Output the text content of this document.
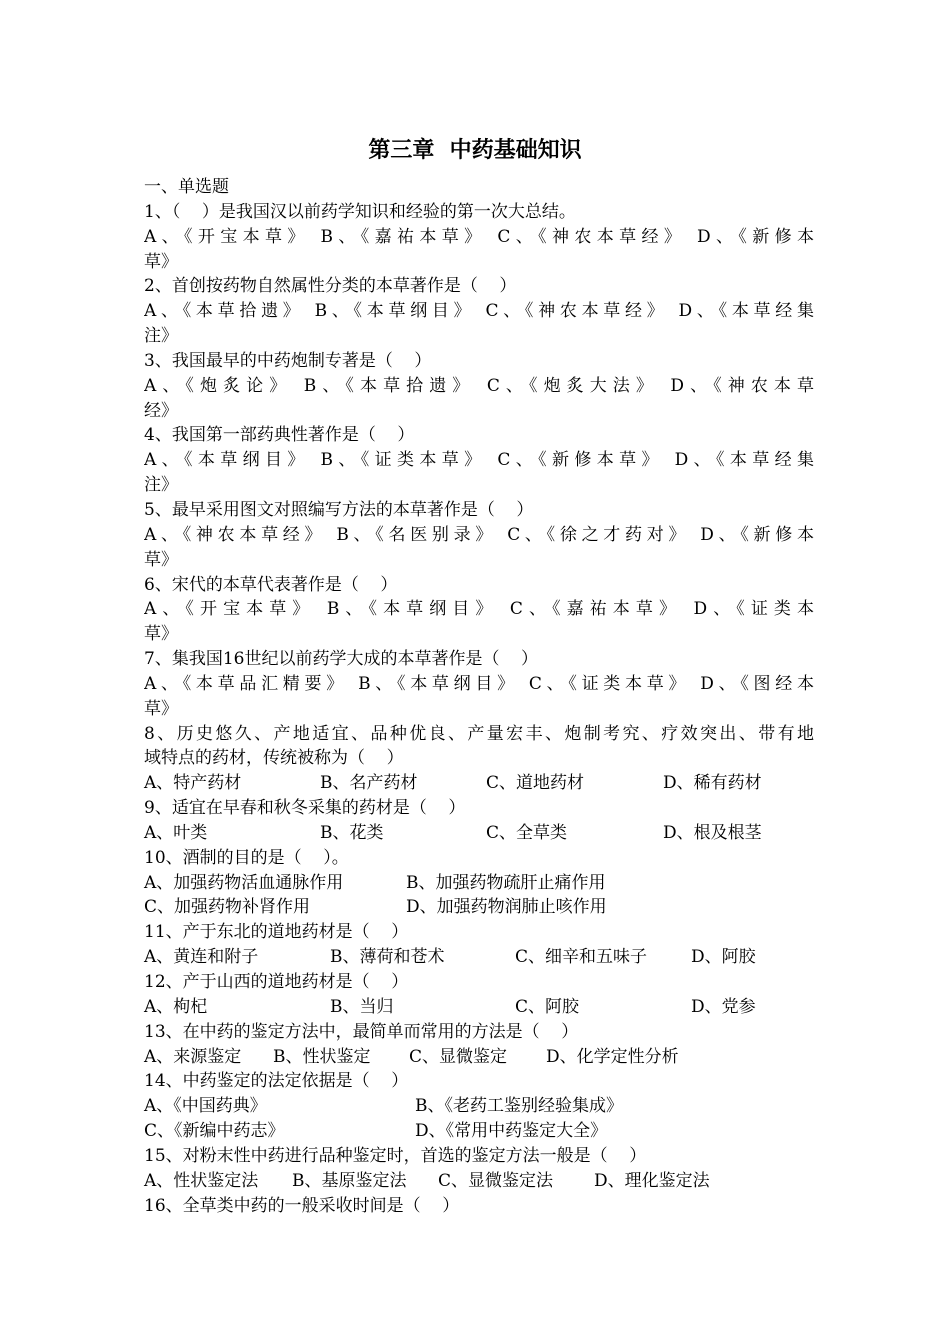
第三章  中药基础知识
一、单选题
1、（    ）是我国汉以前药学知识和经验的第一次大总结。
A、《开宝本草》 B、《嘉祐本草》 C、《神农本草经》 D、《新修本
草》
2、首创按药物自然属性分类的本草著作是（    ）
A、《本草拾遗》 B、《本草纲目》 C、《神农本草经》 D、《本草经集
注》
3、我国最早的中药炮制专著是（    ）
A、《炮炙论》 B、《本草拾遗》 C、《炮炙大法》 D、《神农本草
经》
4、我国第一部药典性著作是（    ）
A、《本草纲目》 B、《证类本草》 C、《新修本草》 D、《本草经集
注》
5、最早采用图文对照编写方法的本草著作是（    ）
A、《神农本草经》 B、《名医别录》 C、《徐之才药对》 D、《新修本
草》
6、宋代的本草代表著作是（    ）
A、《开宝本草》 B、《本草纲目》 C、《嘉祐本草》 D、《证类本
草》
7、集我国16世纪以前药学大成的本草著作是（    ）
A、《本草品汇精要》 B、《本草纲目》 C、《证类本草》 D、《图经本
草》
8、历史悠久、产地适宜、品种优良、产量宏丰、炮制考究、疗效突出、带有地
域特点的药材，传统被称为（    ）

A、特产药材

	B、名产药材

	C、道地药材

	D、稀有药材

9、适宜在早春和秋冬采集的药材是（    ）

A、叶类

	B、花类

	C、全草类

	D、根及根茎

10、酒制的目的是（    ）。

A、加强药物活血通脉作用

	B、加强药物疏肝止痛作用

C、加强药物补肾作用

	D、加强药物润肺止咳作用

11、产于东北的道地药材是（    ）

A、黄连和附子

	B、薄荷和苍术

	C、细辛和五味子

	D、阿胶

12、产于山西的道地药材是（    ）

A、枸杞

	B、当归

	C、阿胶

	D、党参

13、在中药的鉴定方法中，最简单而常用的方法是（    ）

A、来源鉴定

B、性状鉴定

C、显微鉴定

D、化学定性分析

14、中药鉴定的法定依据是（    ）

A、《中国药典》

	B、《老药工鉴别经验集成》

C、《新编中药志》

	D、《常用中药鉴定大全》

15、对粉末性中药进行品种鉴定时，首选的鉴定方法一般是（    ）

A、性状鉴定法

B、基原鉴定法

C、显微鉴定法

D、理化鉴定法

16、全草类中药的一般采收时间是（    ）
